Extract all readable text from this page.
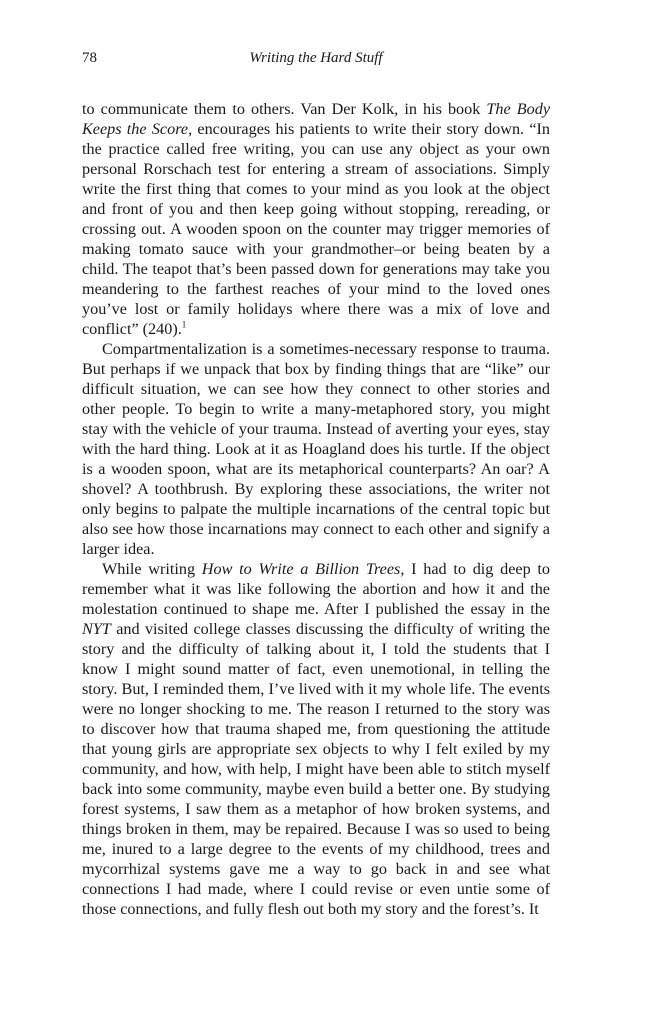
78	Writing the Hard Stuff

to communicate them to others. Van Der Kolk, in his book The Body Keeps the Score, encourages his patients to write their story down. “In the practice called free writing, you can use any object as your own personal Rorschach test for entering a stream of associations. Simply write the first thing that comes to your mind as you look at the object and front of you and then keep going without stopping, rereading, or crossing out. A wooden spoon on the counter may trigger memories of making tomato sauce with your grandmother–or being beaten by a child. The teapot that’s been passed down for generations may take you meandering to the farthest reaches of your mind to the loved ones you’ve lost or family holidays where there was a mix of love and conflict” (240).$^1$

Compartmentalization is a sometimes-necessary response to trauma. But perhaps if we unpack that box by finding things that are “like” our difficult situation, we can see how they connect to other stories and other people. To begin to write a many-metaphored story, you might stay with the vehicle of your trauma. Instead of averting your eyes, stay with the hard thing. Look at it as Hoagland does his turtle. If the object is a wooden spoon, what are its metaphorical counterparts? An oar? A shovel? A toothbrush. By exploring these associations, the writer not only begins to palpate the multiple incarnations of the central topic but also see how those incarnations may connect to each other and signify a larger idea.

While writing How to Write a Billion Trees, I had to dig deep to remember what it was like following the abortion and how it and the molestation continued to shape me. After I published the essay in the NYT and visited college classes discussing the difficulty of writing the story and the difficulty of talking about it, I told the students that I know I might sound matter of fact, even unemotional, in telling the story. But, I reminded them, I’ve lived with it my whole life. The events were no longer shocking to me. The reason I returned to the story was to discover how that trauma shaped me, from questioning the attitude that young girls are appropriate sex objects to why I felt exiled by my community, and how, with help, I might have been able to stitch myself back into some community, maybe even build a better one. By studying forest systems, I saw them as a metaphor of how broken systems, and things broken in them, may be repaired. Because I was so used to being me, inured to a large degree to the events of my childhood, trees and mycorrhizal systems gave me a way to go back in and see what connections I had made, where I could revise or even untie some of those connections, and fully flesh out both my story and the forest’s. It
